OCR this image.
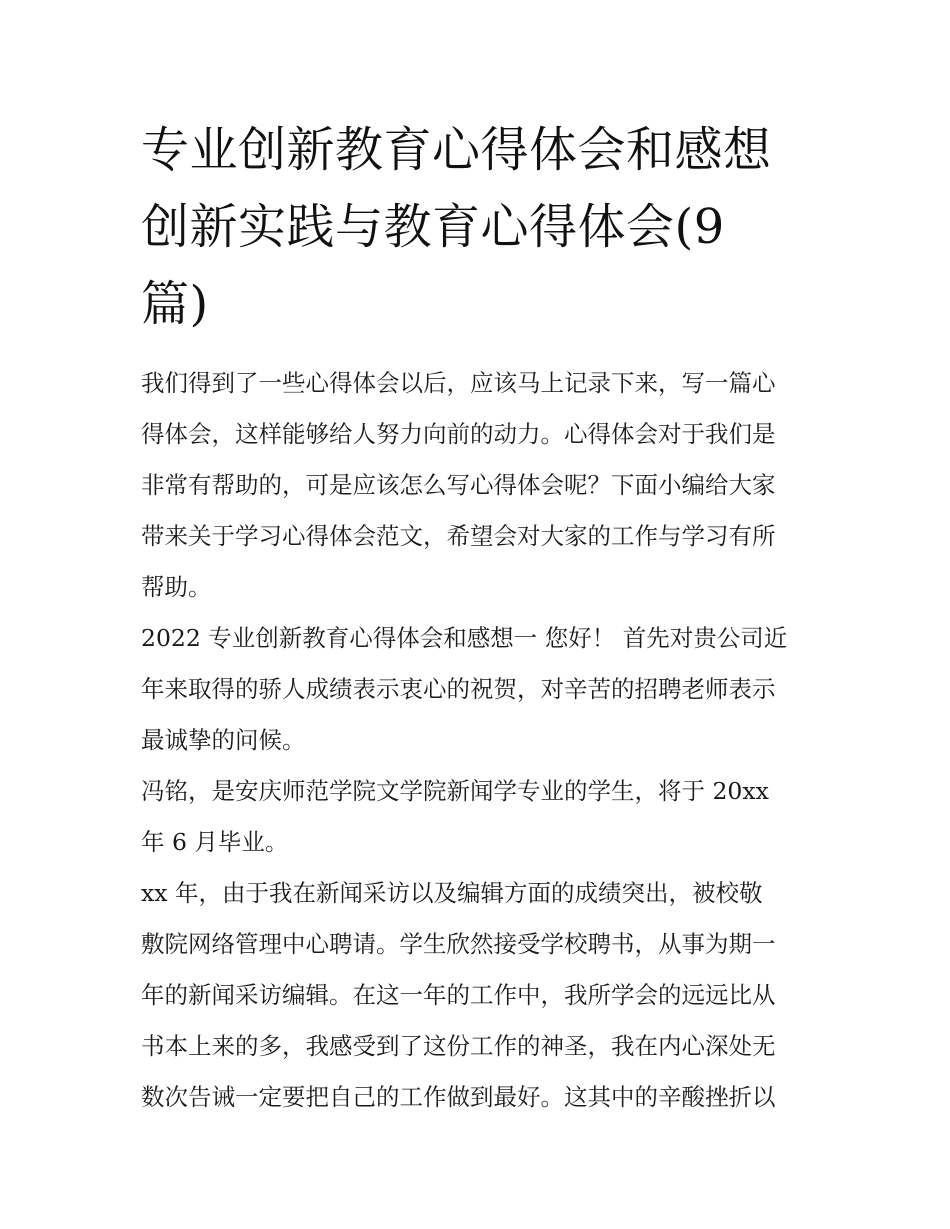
专业创新教育心得体会和感想
创新实践与教育心得体会(9
篇)

我们得到了一些心得体会以后，应该马上记录下来，写一篇心
得体会，这样能够给人努力向前的动力。心得体会对于我们是
非常有帮助的，可是应该怎么写心得体会呢？下面小编给大家
带来关于学习心得体会范文，希望会对大家的工作与学习有所
帮助。

2022 专业创新教育心得体会和感想一 您好！ 首先对贵公司近
年来取得的骄人成绩表示衷心的祝贺，对辛苦的招聘老师表示
最诚挚的问候。

冯铭，是安庆师范学院文学院新闻学专业的学生，将于 20xx
年 6 月毕业。

xx 年，由于我在新闻采访以及编辑方面的成绩突出，被校敬
敷院网络管理中心聘请。学生欣然接受学校聘书，从事为期一
年的新闻采访编辑。在这一年的工作中，我所学会的远远比从
书本上来的多，我感受到了这份工作的神圣，我在内心深处无
数次告诫一定要把自己的工作做到最好。这其中的辛酸挫折以
